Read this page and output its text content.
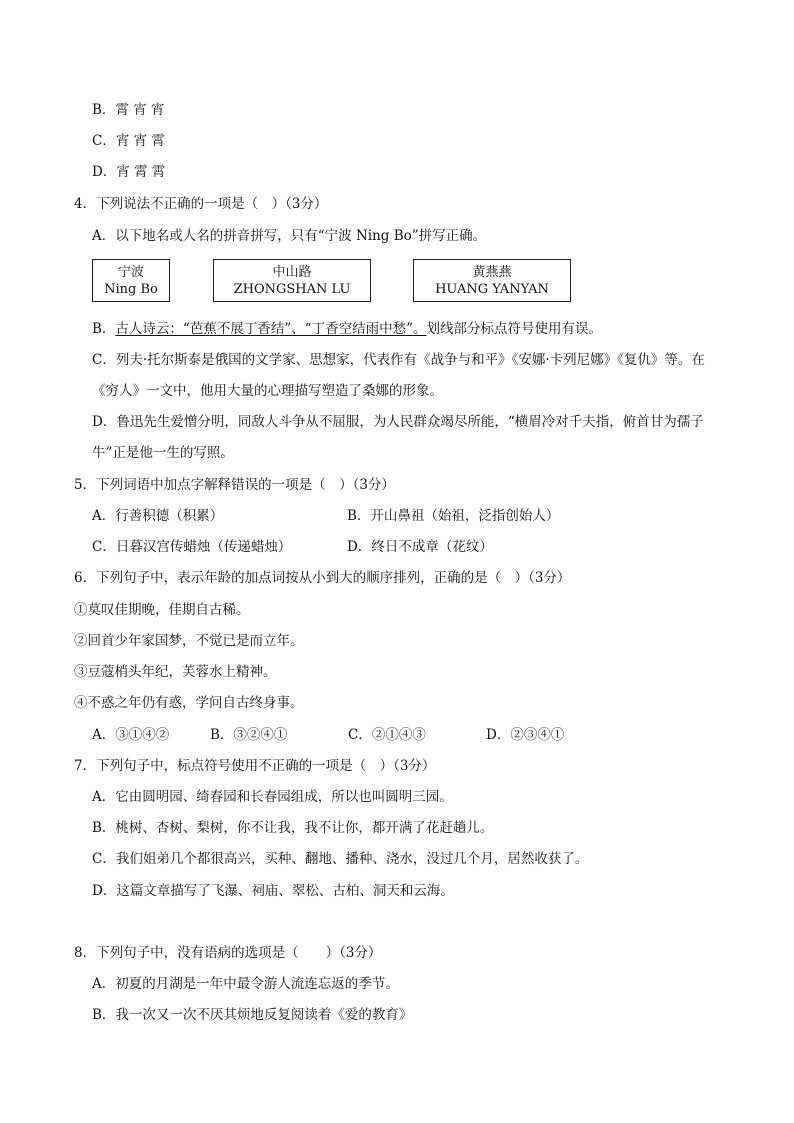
B．霄 宵 宵
C．宵 宵 霄
D．宵 霄 霄
4．下列说法不正确的一项是（　）（3分）
A．以下地名或人名的拼音拼写，只有“宁波 Ning Bo”拼写正确。
宁波
Ning Bo
中山路
ZHONGSHAN LU
黄燕燕
HUANG YANYAN
B．古人诗云：“芭蕉不展丁香结”、“丁香空结雨中愁”。划线部分标点符号使用有误。
C．列夫·托尔斯泰是俄国的文学家、思想家，代表作有《战争与和平》《安娜·卡列尼娜》《复仇》等。在
《穷人》一文中，他用大量的心理描写塑造了桑娜的形象。
D．鲁迅先生爱憎分明，同敌人斗争从不屈服，为人民群众竭尽所能，“横眉冷对千夫指，俯首甘为孺子
牛”正是他一生的写照。
5．下列词语中加点字解释错误的一项是（　）（3分）
A．行善积德（积累）	B．开山鼻祖（始祖，泛指创始人）
C．日暮汉宫传蜡烛（传递蜡烛）	D．终日不成章（花纹）
6．下列句子中，表示年龄的加点词按从小到大的顺序排列，正确的是（　）（3分）
①莫叹佳期晚，佳期自古稀。
②回首少年家国梦，不觉已是而立年。
③豆蔻梢头年纪，芙蓉水上精神。
④不惑之年仍有惑，学问自古终身事。
A．③①④②	B．③②④①	C．②①④③	D．②③④①
7．下列句子中，标点符号使用不正确的一项是（　）（3分）
A．它由圆明园、绮春园和长春园组成，所以也叫圆明三园。
B．桃树、杏树、梨树，你不让我，我不让你，都开满了花赶趟儿。
C．我们姐弟几个都很高兴，买种、翻地、播种、浇水，没过几个月，居然收获了。
D．这篇文章描写了飞瀑、祠庙、翠松、古柏、洞天和云海。
8．下列句子中，没有语病的选项是（　　）（3分）
A．初夏的月湖是一年中最令游人流连忘返的季节。
B．我一次又一次不厌其烦地反复阅读着《爱的教育》
